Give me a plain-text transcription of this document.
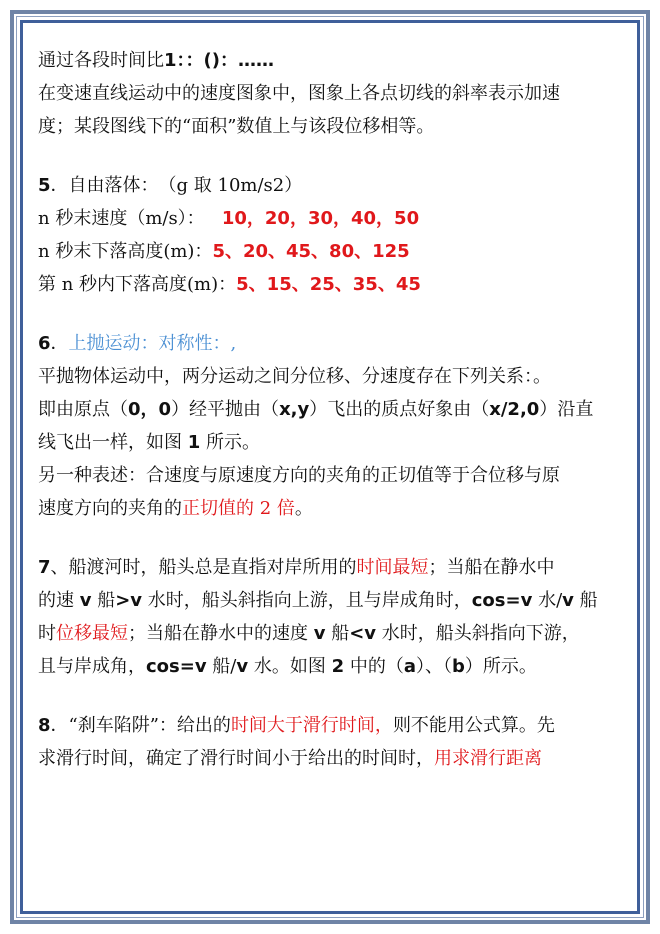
通过各段时间比1：：()：……
在变速直线运动中的速度图象中，图象上各点切线的斜率表示加速
度；某段图线下的“面积”数值上与该段位移相等。
5．自由落体：　（g 取 10m/s2）
n 秒末速度（m/s）： 10，20，30，40，50
n 秒末下落高度(m)：5、20、45、80、125
第 n 秒内下落高度(m)：5、15、25、35、45
6．上抛运动：对称性：,
平抛物体运动中，两分运动之间分位移、分速度存在下列关系：。
即由原点（0，0）经平抛由（x,y）飞出的质点好象由（x/2,0）沿直
线飞出一样，如图 1 所示。
另一种表述：合速度与原速度方向的夹角的正切值等于合位移与原
速度方向的夹角的正切值的 2 倍。
7、船渡河时，船头总是直指对岸所用的时间最短；当船在静水中
的速 v 船>v 水时，船头斜指向上游，且与岸成角时，cos=v 水/v 船
时位移最短；当船在静水中的速度 v 船<v 水时，船头斜指向下游，
且与岸成角，cos=v 船/v 水。如图 2 中的（a）、（b）所示。
8．“刹车陷阱”：给出的时间大于滑行时间，则不能用公式算。先
求滑行时间，确定了滑行时间小于给出的时间时，用求滑行距离
